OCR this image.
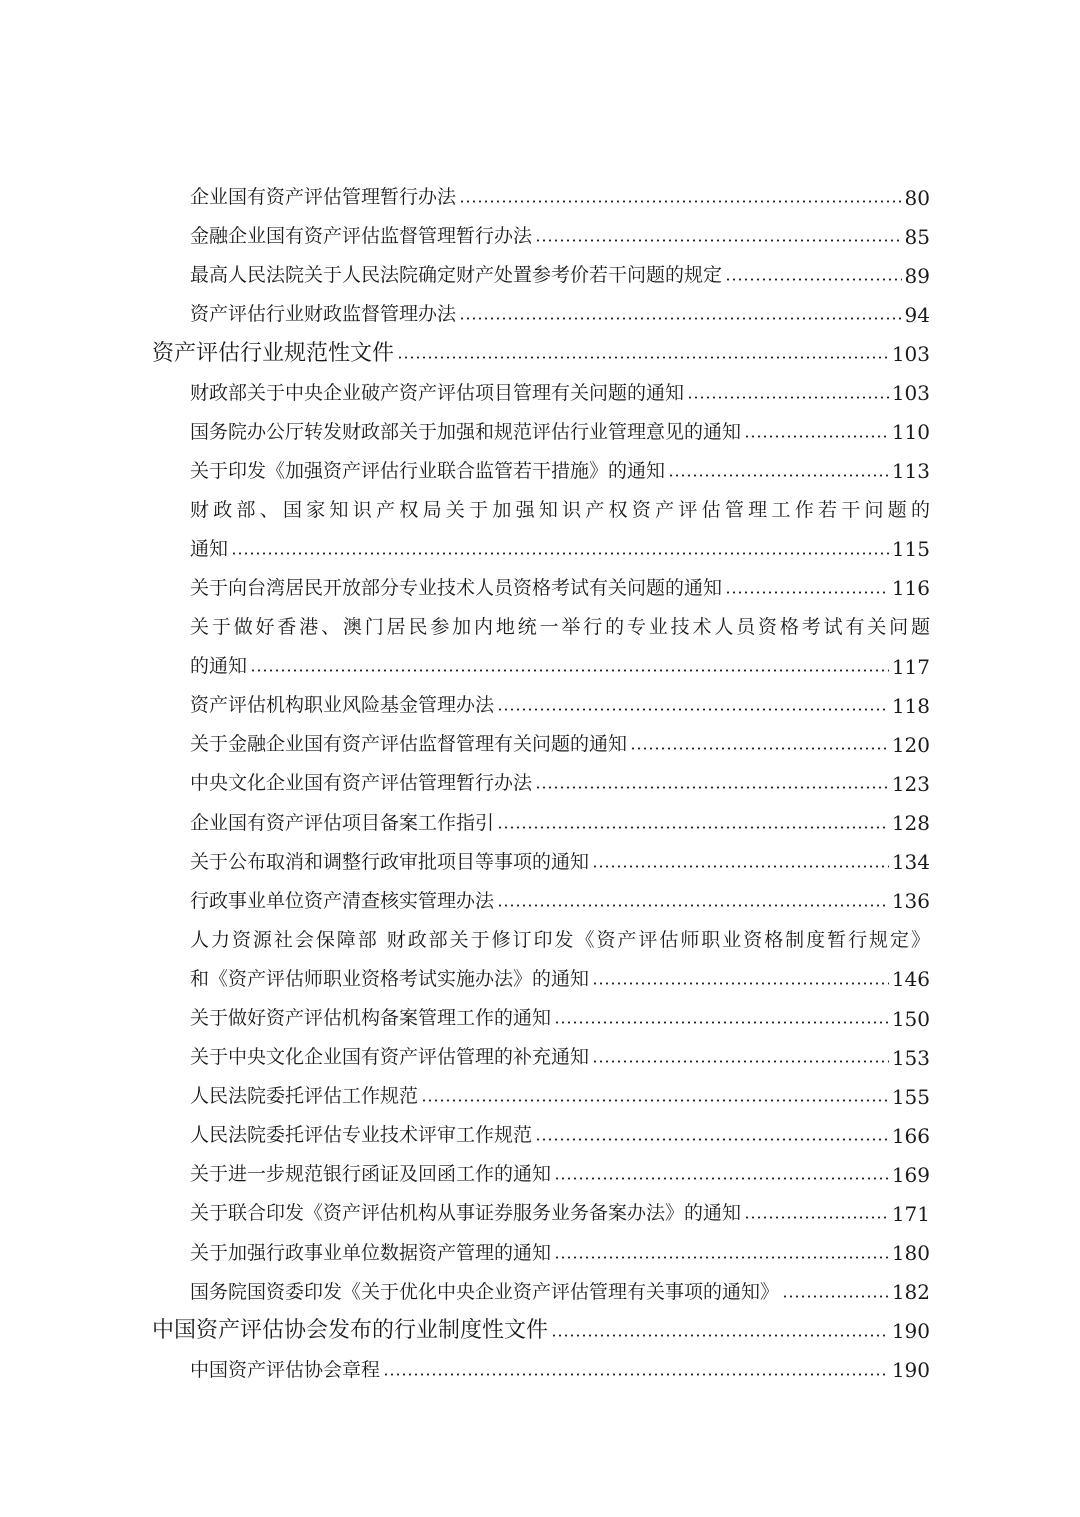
企业国有资产评估管理暂行办法	80
金融企业国有资产评估监督管理暂行办法	85
最高人民法院关于人民法院确定财产处置参考价若干问题的规定	89
资产评估行业财政监督管理办法	94
资产评估行业规范性文件	103
财政部关于中央企业破产资产评估项目管理有关问题的通知	103
国务院办公厅转发财政部关于加强和规范评估行业管理意见的通知	110
关于印发《加强资产评估行业联合监管若干措施》的通知	113
财政部、国家知识产权局关于加强知识产权资产评估管理工作若干问题的
通知	115
关于向台湾居民开放部分专业技术人员资格考试有关问题的通知	116
关于做好香港、澳门居民参加内地统一举行的专业技术人员资格考试有关问题
的通知	117
资产评估机构职业风险基金管理办法	118
关于金融企业国有资产评估监督管理有关问题的通知	120
中央文化企业国有资产评估管理暂行办法	123
企业国有资产评估项目备案工作指引	128
关于公布取消和调整行政审批项目等事项的通知	134
行政事业单位资产清查核实管理办法	136
人力资源社会保障部 财政部关于修订印发《资产评估师职业资格制度暂行规定》
和《资产评估师职业资格考试实施办法》的通知	146
关于做好资产评估机构备案管理工作的通知	150
关于中央文化企业国有资产评估管理的补充通知	153
人民法院委托评估工作规范	155
人民法院委托评估专业技术评审工作规范	166
关于进一步规范银行函证及回函工作的通知	169
关于联合印发《资产评估机构从事证券服务业务备案办法》的通知	171
关于加强行政事业单位数据资产管理的通知	180
国务院国资委印发《关于优化中央企业资产评估管理有关事项的通知》	182
中国资产评估协会发布的行业制度性文件	190
中国资产评估协会章程	190
